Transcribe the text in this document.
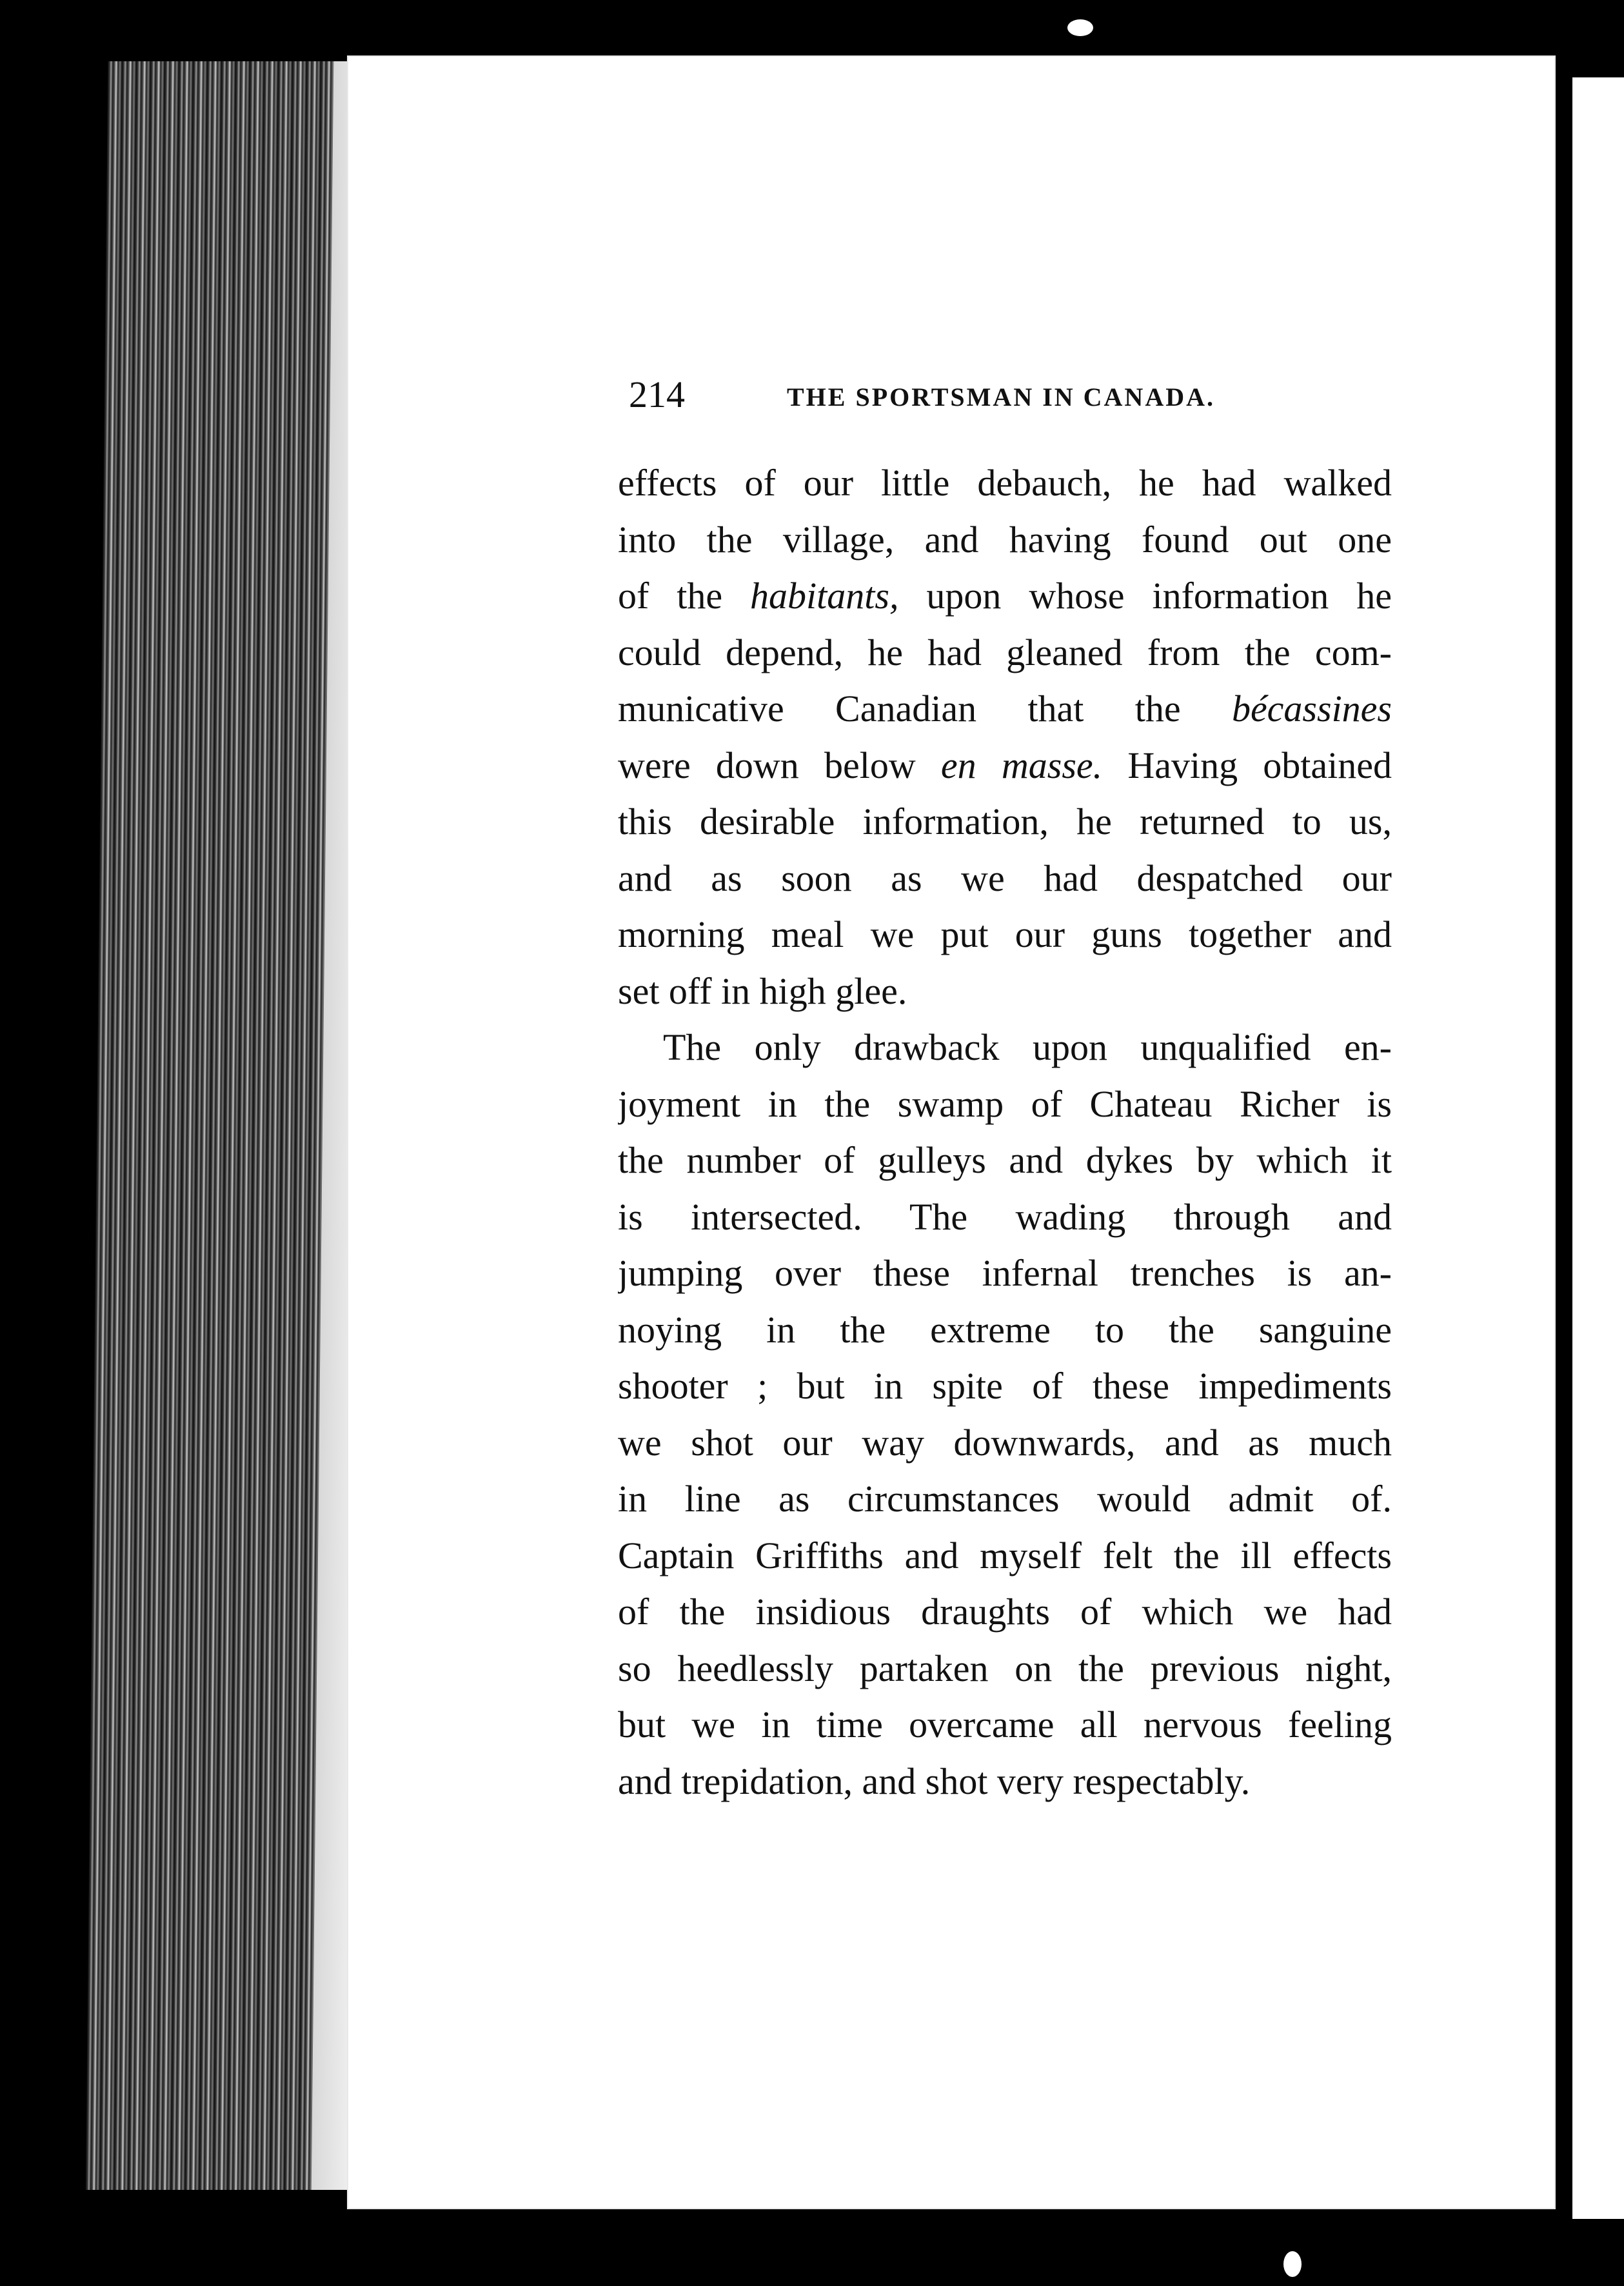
214	THE SPORTSMAN IN CANADA.
effects of our little debauch, he had walked
into the village, and having found out one
of the habitants, upon whose information he
could depend, he had gleaned from the com-
municative Canadian that the bécassines
were down below en masse. Having obtained
this desirable information, he returned to us,
and as soon as we had despatched our
morning meal we put our guns together and
set off in high glee.
The only drawback upon unqualified en-
joyment in the swamp of Chateau Richer is
the number of gulleys and dykes by which it
is intersected. The wading through and
jumping over these infernal trenches is an-
noying in the extreme to the sanguine
shooter ; but in spite of these impediments
we shot our way downwards, and as much
in line as circumstances would admit of.
Captain Griffiths and myself felt the ill effects
of the insidious draughts of which we had
so heedlessly partaken on the previous night,
but we in time overcame all nervous feeling
and trepidation, and shot very respectably.
